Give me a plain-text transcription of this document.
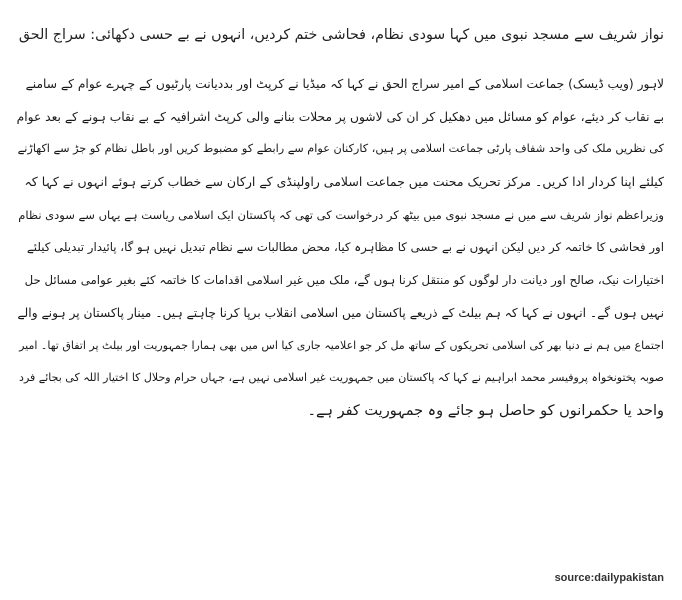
نواز شریف سے مسجد نبوی میں کہا سودی نظام، فحاشی ختم کردیں، انہوں نے بے حسی دکھائی: سراج الحق

لاہور (ویب ڈیسک) جماعت اسلامی کے امیر سراج الحق نے کہا کہ میڈیا نے کرپٹ اور بددیانت پارٹیوں کے چہرے عوام کے سامنے

بے نقاب کر دیئے، عوام کو مسائل میں دھکیل کر ان کی لاشوں پر محلات بنانے والی کرپٹ اشرافیہ کے بے نقاب ہونے کے بعد عوام

کی نظریں ملک کی واحد شفاف پارٹی جماعت اسلامی پر ہیں، کارکنان عوام سے رابطے کو مضبوط کریں اور باطل نظام کو جڑ سے اکھاڑنے

کیلئے اپنا کردار ادا کریں۔ مرکز تحریک محنت میں جماعت اسلامی راولپنڈی کے ارکان سے خطاب کرتے ہوئے انہوں نے کہا کہ

وزیراعظم نواز شریف سے میں نے مسجد نبوی میں بیٹھ کر درخواست کی تھی کہ پاکستان ایک اسلامی ریاست ہے یہاں سے سودی نظام

اور فحاشی کا خاتمہ کر دیں لیکن انہوں نے بے حسی کا مظاہرہ کیا، محض مطالبات سے نظام تبدیل نہیں ہو گا، پائیدار تبدیلی کیلئے

اختیارات نیک، صالح اور دیانت دار لوگوں کو منتقل کرنا ہوں گے، ملک میں غیر اسلامی اقدامات کا خاتمہ کئے بغیر عوامی مسائل حل

نہیں ہوں گے۔ انہوں نے کہا کہ ہم بیلٹ کے ذریعے پاکستان میں اسلامی انقلاب برپا کرنا چاہتے ہیں۔ مینار پاکستان پر ہونے والے

اجتماع میں ہم نے دنیا بھر کی اسلامی تحریکوں کے ساتھ مل کر جو اعلامیہ جاری کیا اس میں بھی ہمارا جمہوریت اور بیلٹ پر اتفاق تھا۔ امیر

صوبہ پختونخواہ پروفیسر محمد ابراہیم نے کہا کہ پاکستان میں جمہوریت غیر اسلامی نہیں ہے، جہاں حرام وحلال کا اختیار اللہ کی بجائے فرد

واحد یا حکمرانوں کو حاصل ہو جائے وہ جمہوریت کفر ہے۔

source:dailypakistan
